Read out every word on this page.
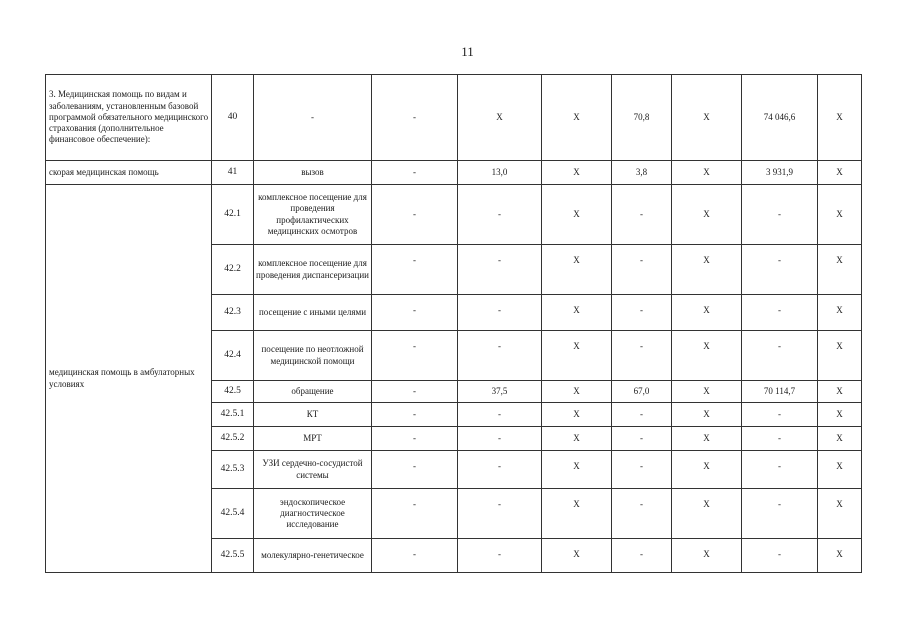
11
3. Медицинская помощь по видам и заболеваниям, установленным базовой программой обязательного медицинского страхования (дополнительное финансовое обеспечение):	40	-	-	Х	Х	70,8	Х	74 046,6	Х
скорая медицинская помощь	41	вызов	-	13,0	Х	3,8	Х	3 931,9	Х
медицинская помощь в амбулаторных условиях	42.1	комплексное посещение для проведения профилактических медицинских осмотров	-	-	Х	-	Х	-	Х
	42.2	комплексное посещение для проведения диспансеризации	-	-	Х	-	Х	-	Х
	42.3	посещение с иными целями	-	-	Х	-	Х	-	Х
	42.4	посещение по неотложной медицинской помощи	-	-	Х	-	Х	-	Х
	42.5	обращение	-	37,5	Х	67,0	Х	70 114,7	Х
	42.5.1	КТ	-	-	Х	-	Х	-	Х
	42.5.2	МРТ	-	-	Х	-	Х	-	Х
	42.5.3	УЗИ сердечно-сосудистой системы	-	-	Х	-	Х	-	Х
	42.5.4	эндоскопическое диагностическое исследование	-	-	Х	-	Х	-	Х
	42.5.5	молекулярно-генетическое	-	-	Х	-	Х	-	Х
